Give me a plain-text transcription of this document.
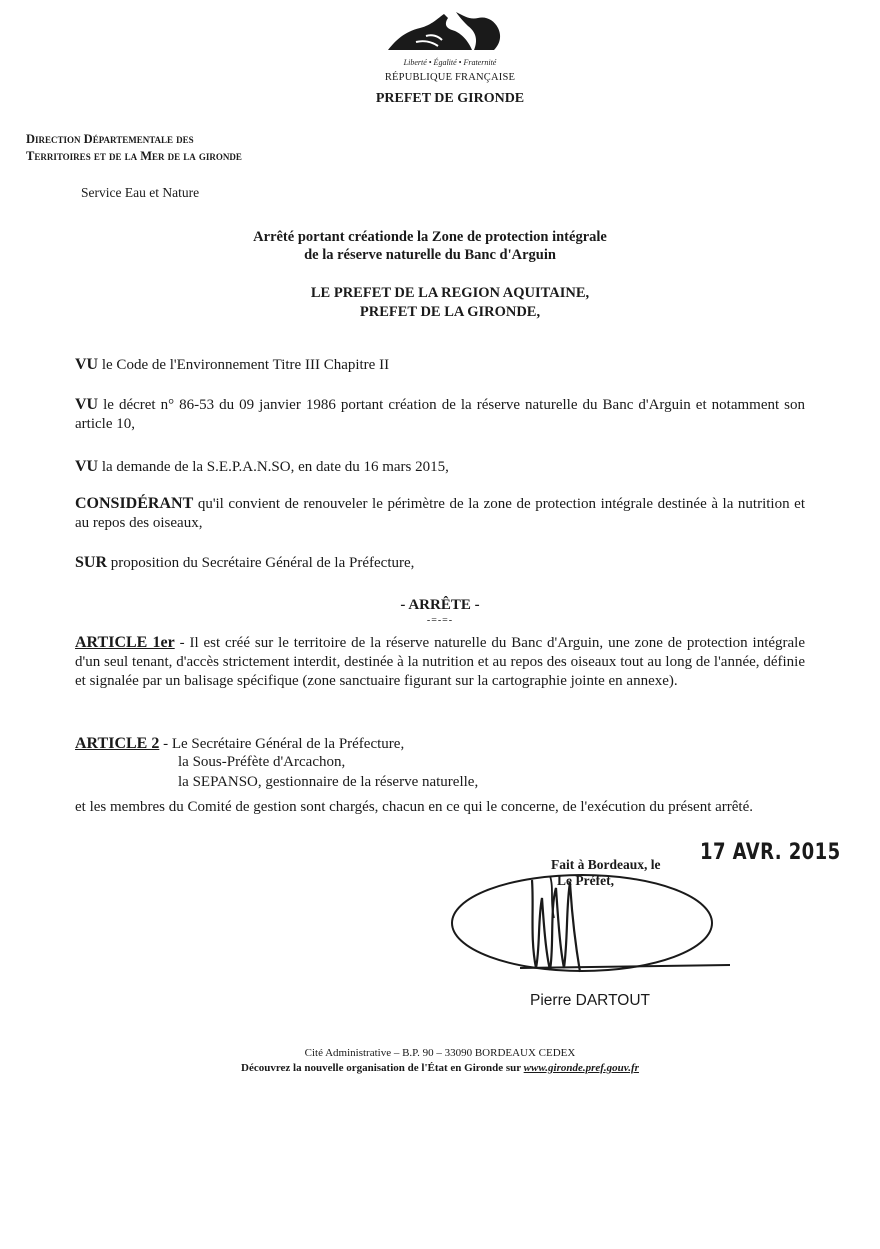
Liberté • Égalité • Fraternité
RÉPUBLIQUE FRANÇAISE
PREFET DE GIRONDE
Direction Départementale des
Territoires et de la Mer de la gironde
Service Eau et Nature
Arrêté portant créationde la Zone de protection intégrale
de la réserve naturelle du Banc d'Arguin
LE PREFET DE LA REGION AQUITAINE,
PREFET DE LA GIRONDE,
VU le Code de l'Environnement Titre III Chapitre II
VU le décret n° 86-53 du 09 janvier 1986 portant création de la réserve naturelle du Banc d'Arguin et notamment son article 10,
VU la demande de la S.E.P.A.N.SO, en date du 16 mars 2015,
CONSIDÉRANT qu'il convient de renouveler le périmètre de la zone de protection intégrale destinée à la nutrition et au repos des oiseaux,
SUR proposition du Secrétaire Général de la Préfecture,
- ARRÊTE -
-=-=-
ARTICLE 1er - Il est créé sur le territoire de la réserve naturelle du Banc d'Arguin, une zone de protection intégrale d'un seul tenant, d'accès strictement interdit, destinée à la nutrition et au repos des oiseaux tout au long de l'année, définie et signalée par un balisage spécifique (zone sanctuaire figurant sur la cartographie jointe en annexe).
ARTICLE 2 - Le Secrétaire Général de la Préfecture,
la Sous-Préfète d'Arcachon,
la SEPANSO, gestionnaire de la réserve naturelle,
et les membres du Comité de gestion sont chargés, chacun en ce qui le concerne, de l'exécution du présent arrêté.
17 AVR. 2015
Fait à Bordeaux, le
Le Préfet,
Pierre DARTOUT
Cité Administrative – B.P. 90 – 33090 BORDEAUX CEDEX
Découvrez la nouvelle organisation de l'État en Gironde sur www.gironde.pref.gouv.fr
